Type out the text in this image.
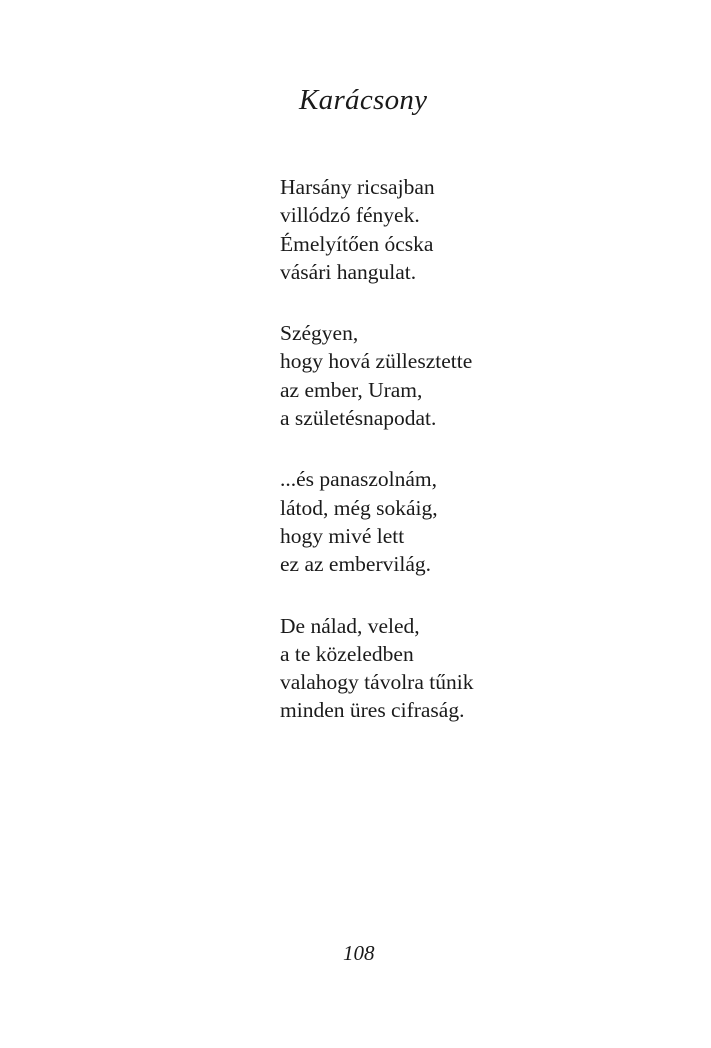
Karácsony
Harsány ricsajban
villódzó fények.
Émelyítően ócska
vásári hangulat.
Szégyen,
hogy hová züllesztette
az ember, Uram,
a születésnapodat.
...és panaszolnám,
látod, még sokáig,
hogy mivé lett
ez az embervilág.
De nálad, veled,
a te közeledben
valahogy távolra tűnik
minden üres cifraság.
108
